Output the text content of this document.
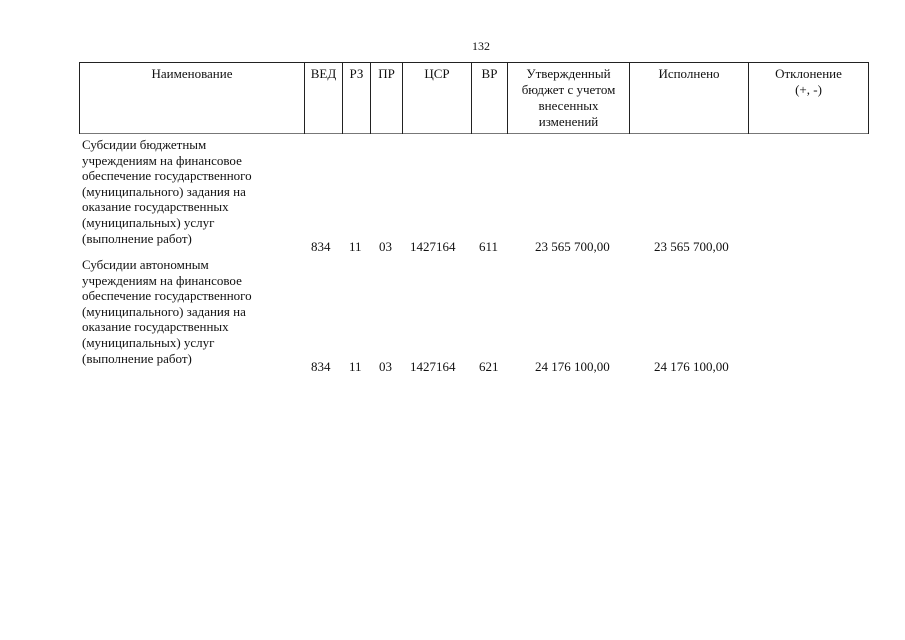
132
Наименование	ВЕД	РЗ	ПР	ЦСР	ВР	Утвержденный
бюджет с учетом
внесенных
изменений
Исполнено	Отклонение
(+, -)
Субсидии бюджетным
учреждениям на финансовое
обеспечение государственного
(муниципального) задания на
оказание государственных
(муниципальных) услуг
(выполнение работ)
834 11 03 1427164 611	23 565 700,00	23 565 700,00
Субсидии автономным
учреждениям на финансовое
обеспечение государственного
(муниципального) задания на
оказание государственных
(муниципальных) услуг
(выполнение работ)
834 11 03 1427164 621	24 176 100,00	24 176 100,00
